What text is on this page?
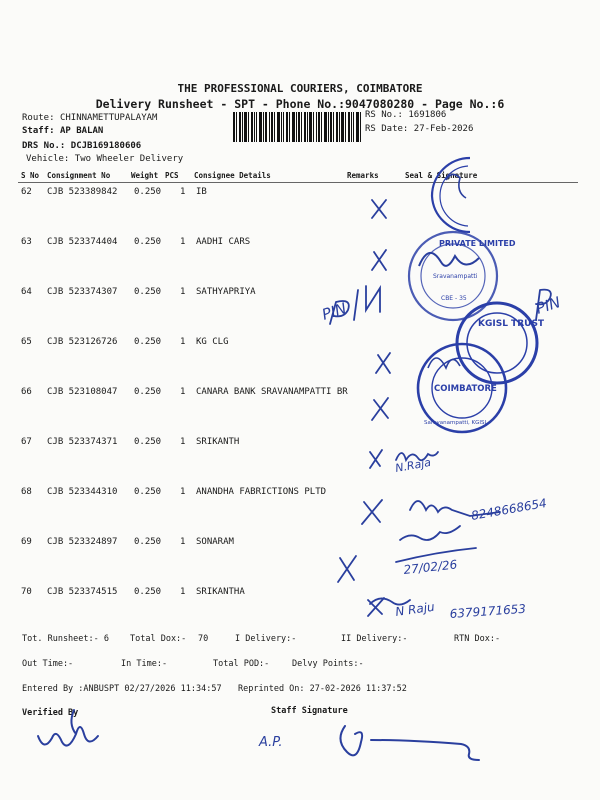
THE PROFESSIONAL COURIERS, COIMBATORE
Delivery Runsheet - SPT - Phone No.:9047080280 - Page No.:6
Route: CHINNAMETTUPALAYAM
Staff: AP BALAN
DRS No.: DCJB169180606
Vehicle: Two Wheeler Delivery
RS No.: 1691806
RS Date: 27-Feb-2026
S No Consignment No	Weight PCS Consignee Details	Remarks	Seal & Signature
62 CJB 523389842 0.250 1 IB
63 CJB 523374404 0.250 1 AADHI CARS
64 CJB 523374307 0.250 1 SATHYAPRIYA
65 CJB 523126726 0.250 1 KG CLG
66 CJB 523108047 0.250 1 CANARA BANK SRAVANAMPATTI BR
67 CJB 523374371 0.250 1 SRIKANTH
68 CJB 523344310 0.250 1 ANANDHA FABRICTIONS PLTD
69 CJB 523324897 0.250 1 SONARAM
70 CJB 523374515 0.250 1 SRIKANTHA
PRIVATE LIMITED
Sravanampatti
CBE - 35
KGISL TRUST
COIMBATORE
Saravanampatti, KGISL
PIN	PIN
N.Raja
8248668654
27/02/26
N Raju 6379171653
Tot. Runsheet:- 6 Total Dox:- 70	I Delivery:-	II Delivery:-	RTN Dox:-
Out Time:-	In Time:-	Total POD:-	Delvy Points:-
Entered By :ANBUSPT 02/27/2026 11:34:57 Reprinted On: 27-02-2026 11:37:52
Verified By	Staff Signature
A.P.
